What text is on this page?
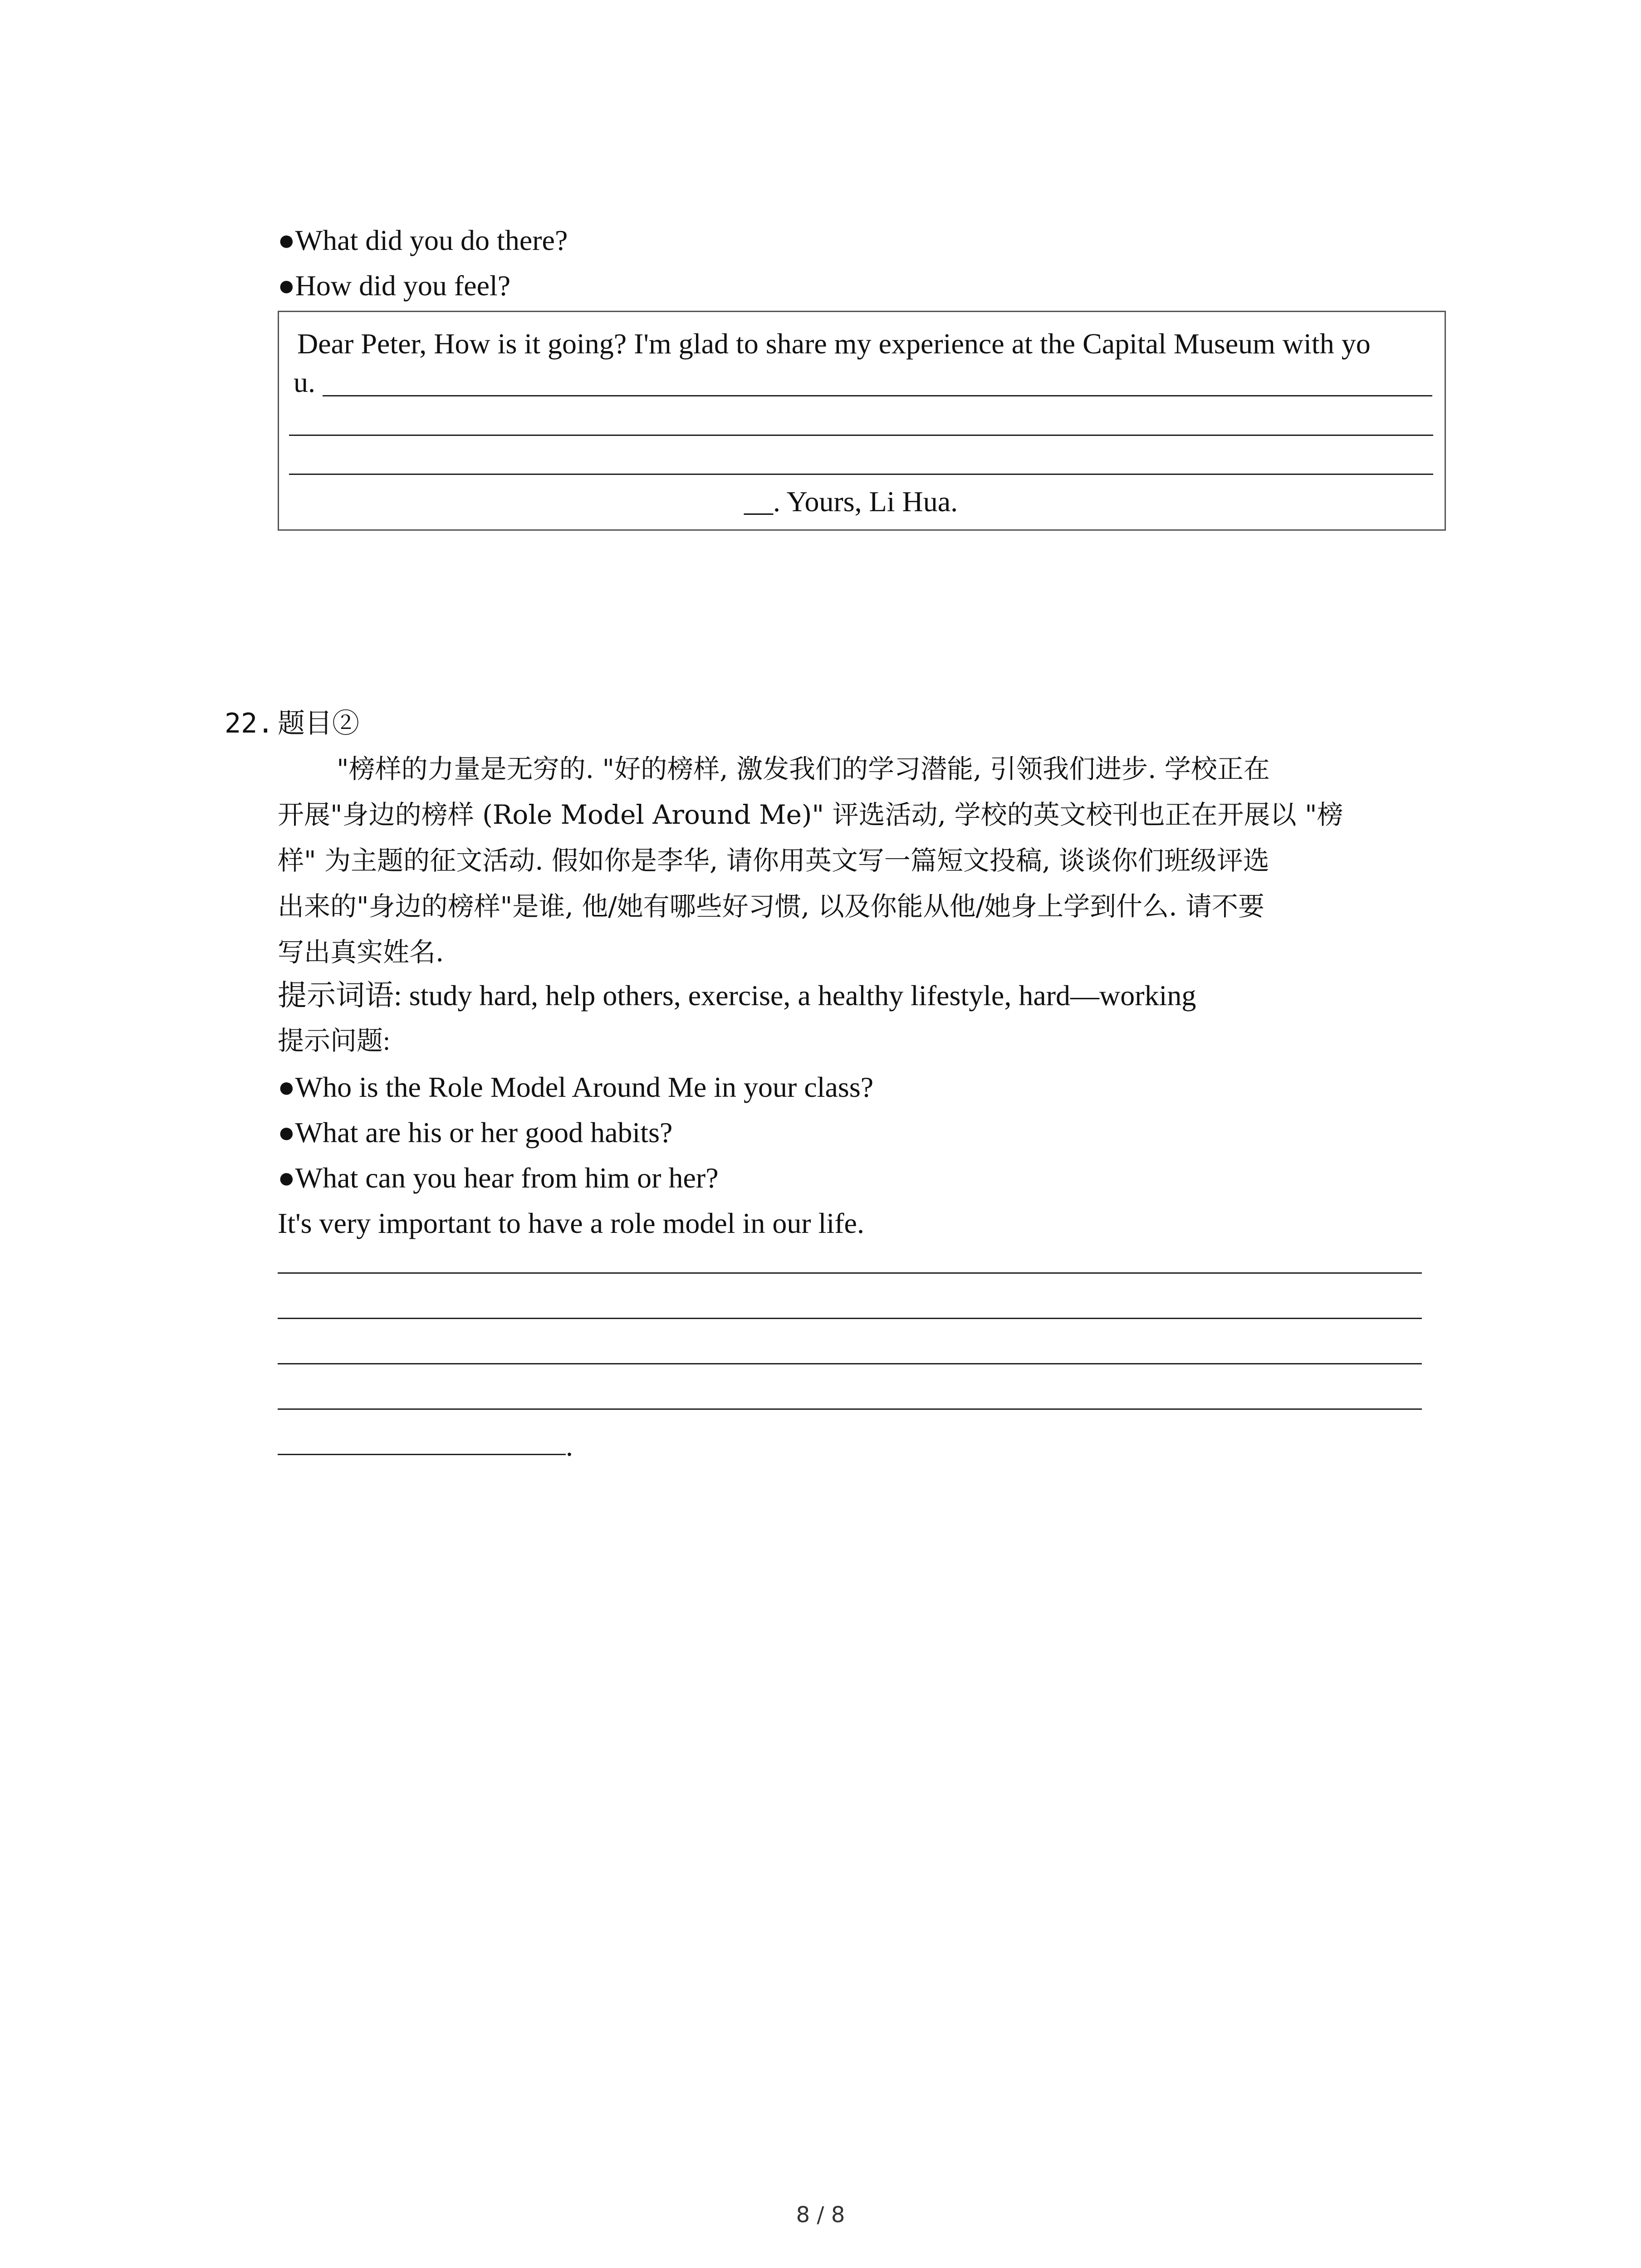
●What did you do there?
●How did you feel?
Dear Peter, How is it going? I'm glad to share my experience at the Capital Museum with yo
u.
__. Yours, Li Hua.
22. 题目②
"榜样的力量是无穷的. "好的榜样, 激发我们的学习潜能, 引领我们进步. 学校正在
开展"身边的榜样 (Role Model Around Me)" 评选活动, 学校的英文校刊也正在开展以 "榜
样" 为主题的征文活动. 假如你是李华, 请你用英文写一篇短文投稿, 谈谈你们班级评选
出来的"身边的榜样"是谁, 他/她有哪些好习惯, 以及你能从他/她身上学到什么. 请不要
写出真实姓名.
提示词语: study hard, help others, exercise, a healthy lifestyle, hard—working
提示问题:
●Who is the Role Model Around Me in your class?
●What are his or her good habits?
●What can you hear from him or her?
It's very important to have a role model in our life.
.
8 / 8
